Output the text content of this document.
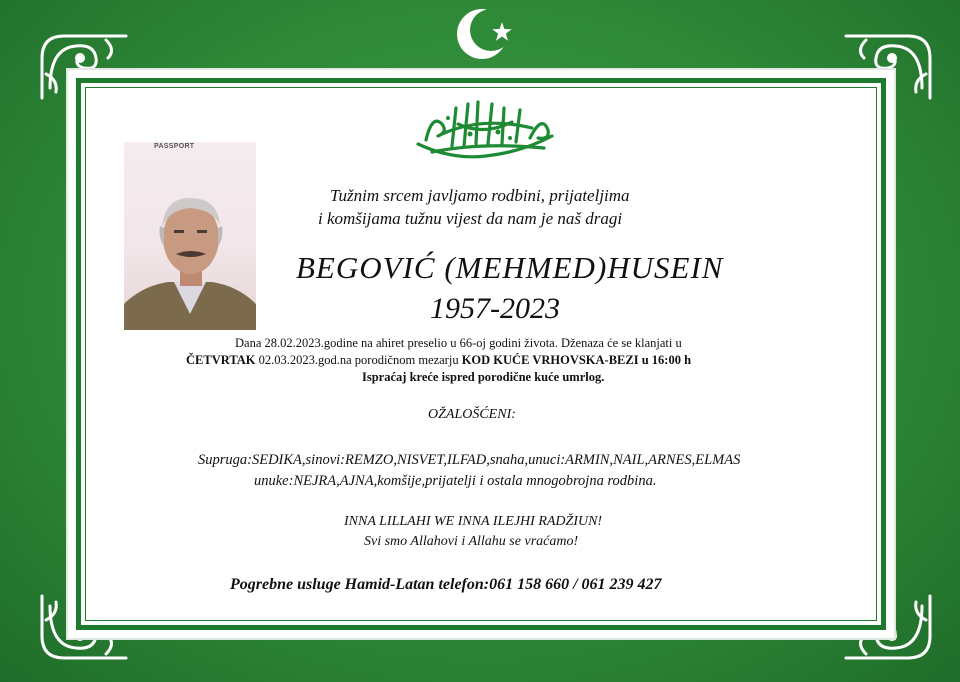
PASSPORT
Tužnim srcem javljamo rodbini, prijateljima
i komšijama tužnu vijest da nam je naš dragi
BEGOVIĆ (MEHMED)HUSEIN
1957-2023
Dana 28.02.2023.godine na ahiret preselio u 66-oj godini života. Dženaza će se klanjati u
ČETVRTAK 02.03.2023.god.na porodičnom mezarju KOD KUĆE VRHOVSKA-BEZI u 16:00 h
Ispraćaj kreće ispred porodične kuće umrlog.
OŽALOŠĆENI:
Supruga:SEDIKA,sinovi:REMZO,NISVET,ILFAD,snaha,unuci:ARMIN,NAIL,ARNES,ELMAS
unuke:NEJRA,AJNA,komšije,prijatelji i ostala mnogobrojna rodbina.
INNA LILLAHI WE INNA ILEJHI RADŽIUN!
Svi smo Allahovi i Allahu se vraćamo!
Pogrebne usluge Hamid-Latan telefon:061 158 660 / 061 239 427
